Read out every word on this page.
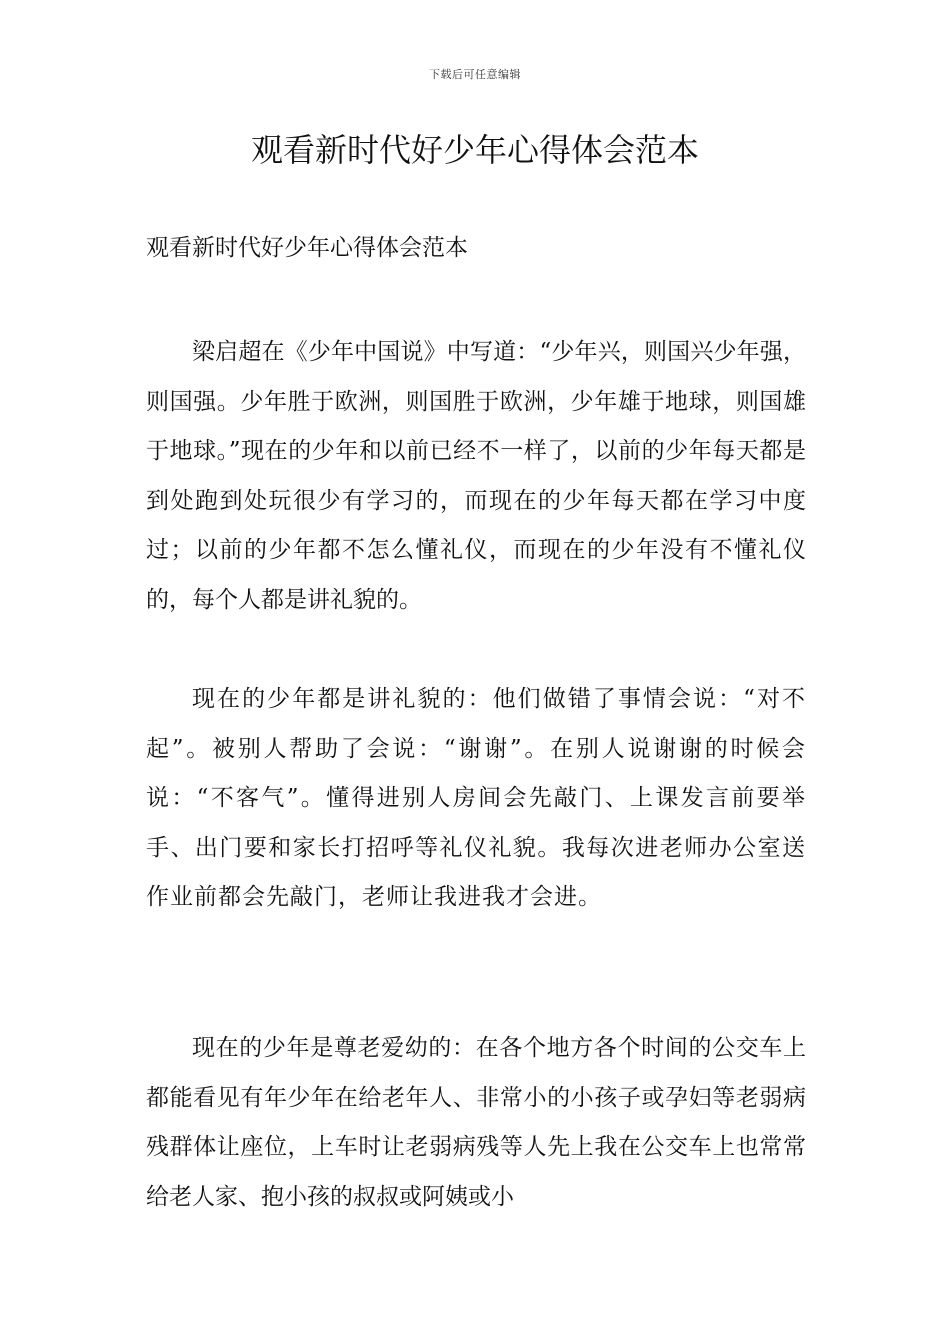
下载后可任意编辑
观看新时代好少年心得体会范本

观看新时代好少年心得体会范本

梁启超在《少年中国说》中写道：“少年兴，则国兴少年强，则国强。少年胜于欧洲，则国胜于欧洲，少年雄于地球，则国雄于地球。”现在的少年和以前已经不一样了，以前的少年每天都是到处跑到处玩很少有学习的，而现在的少年每天都在学习中度过；以前的少年都不怎么懂礼仪，而现在的少年没有不懂礼仪的，每个人都是讲礼貌的。

现在的少年都是讲礼貌的：他们做错了事情会说：“对不起”。被别人帮助了会说：“谢谢”。在别人说谢谢的时候会说：“不客气”。懂得进别人房间会先敲门、上课发言前要举手、出门要和家长打招呼等礼仪礼貌。我每次进老师办公室送作业前都会先敲门，老师让我进我才会进。

现在的少年是尊老爱幼的：在各个地方各个时间的公交车上都能看见有年少年在给老年人、非常小的小孩子或孕妇等老弱病残群体让座位，上车时让老弱病残等人先上我在公交车上也常常给老人家、抱小孩的叔叔或阿姨或小
